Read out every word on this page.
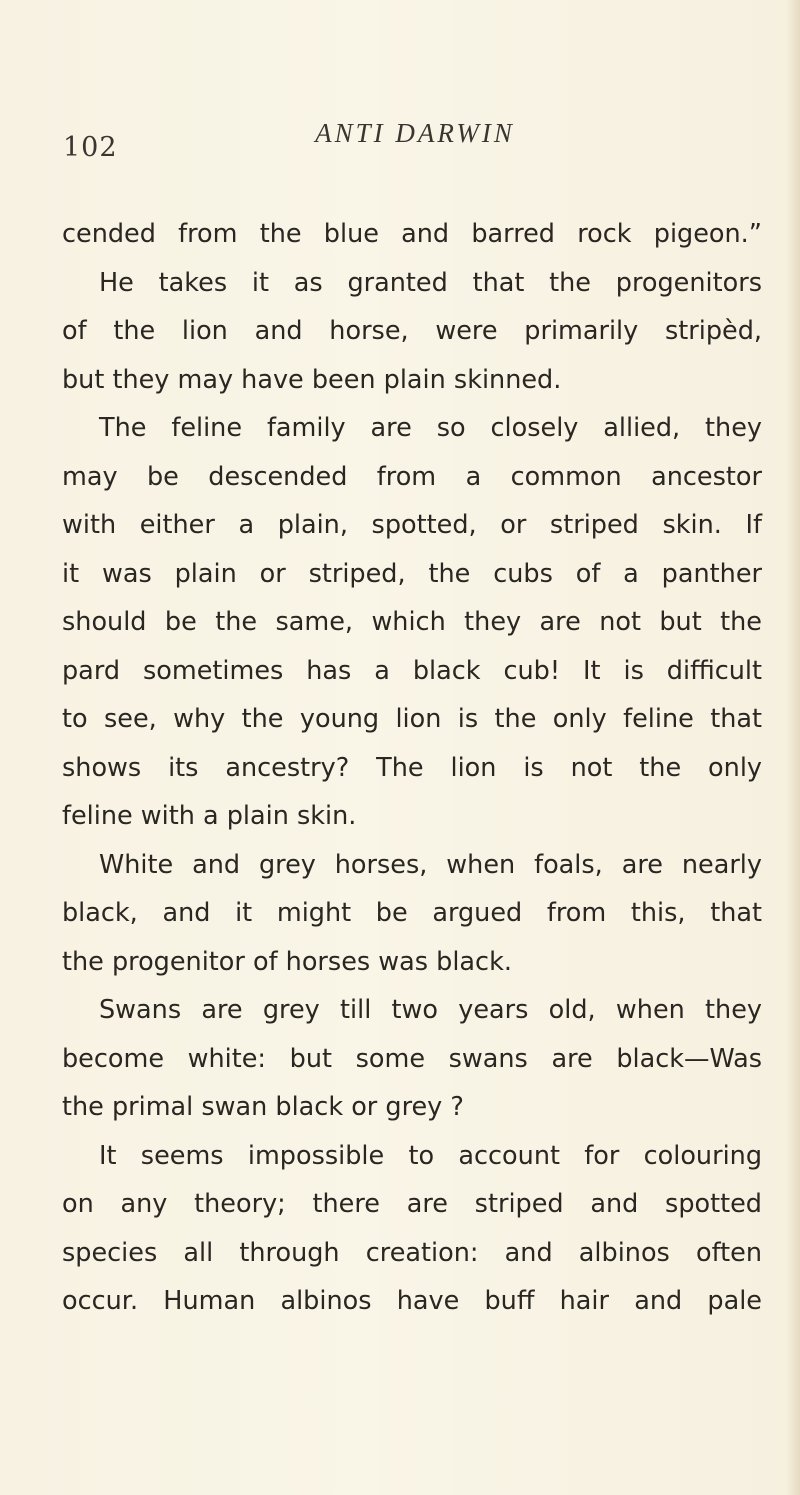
102	ANTI DARWIN
cended from the blue and barred rock pigeon.”
He takes it as granted that the progenitors
of the lion and horse, were primarily stripèd,
but they may have been plain skinned.
The feline family are so closely allied, they
may be descended from a common ancestor
with either a plain, spotted, or striped skin. If
it was plain or striped, the cubs of a panther
should be the same, which they are not but the
pard sometimes has a black cub! It is difficult
to see, why the young lion is the only feline that
shows its ancestry? The lion is not the only
feline with a plain skin.
White and grey horses, when foals, are nearly
black, and it might be argued from this, that
the progenitor of horses was black.
Swans are grey till two years old, when they
become white: but some swans are black—Was
the primal swan black or grey ?
It seems impossible to account for colouring
on any theory; there are striped and spotted
species all through creation: and albinos often
occur. Human albinos have buff hair and pale
